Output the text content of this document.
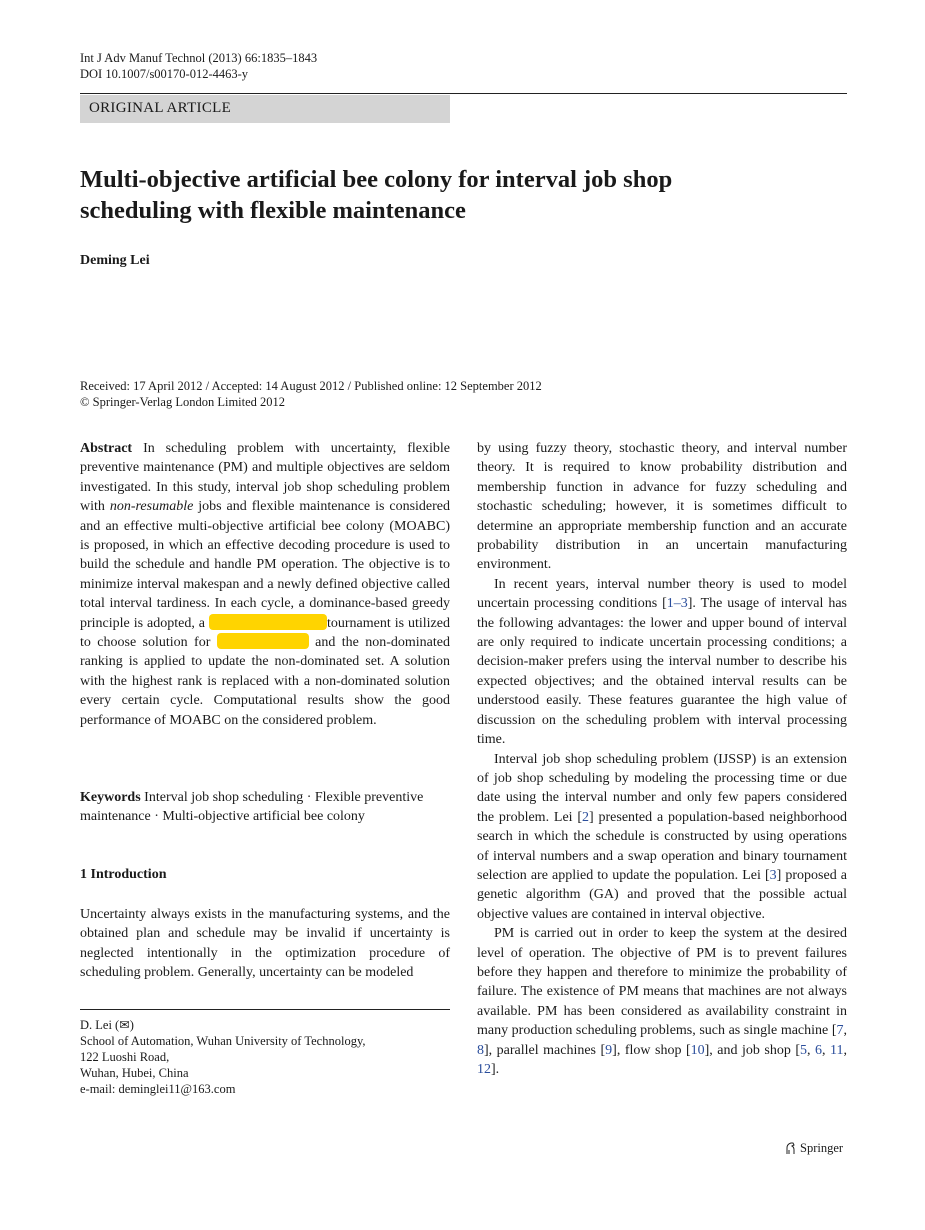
Int J Adv Manuf Technol (2013) 66:1835–1843
DOI 10.1007/s00170-012-4463-y
ORIGINAL ARTICLE
Multi-objective artificial bee colony for interval job shop scheduling with flexible maintenance
Deming Lei
Received: 17 April 2012 / Accepted: 14 August 2012 / Published online: 12 September 2012
© Springer-Verlag London Limited 2012

Abstract In scheduling problem with uncertainty, flexible preventive maintenance (PM) and multiple objectives are seldom investigated. In this study, interval job shop scheduling problem with non-resumable jobs and flexible maintenance is considered and an effective multi-objective artificial bee colony (MOABC) is proposed, in which an effective decoding procedure is used to build the schedule and handle PM operation. The objective is to minimize interval makespan and a newly defined objective called total interval tardiness. In each cycle, a dominance-based greedy principle is adopted, a	tournament is utilized to choose solution for	and the non-dominated ranking is applied to update the non-dominated set. A solution with the highest rank is replaced with a non-dominated solution every certain cycle. Computational results show the good performance of MOABC on the considered problem.

Keywords Interval job shop scheduling · Flexible preventive maintenance · Multi-objective artificial bee colony
1 Introduction

Uncertainty always exists in the manufacturing systems, and the obtained plan and schedule may be invalid if uncertainty is neglected intentionally in the optimization procedure of scheduling problem. Generally, uncertainty can be modeled

D. Lei (✉)
School of Automation, Wuhan University of Technology,
122 Luoshi Road,
Wuhan, Hubei, China
e-mail: deminglei11@163.com

by using fuzzy theory, stochastic theory, and interval number theory. It is required to know probability distribution and membership function in advance for fuzzy scheduling and stochastic scheduling; however, it is sometimes difficult to determine an appropriate membership function and an accurate probability distribution in an uncertain manufacturing environment.

In recent years, interval number theory is used to model uncertain processing conditions [1–3]. The usage of interval has the following advantages: the lower and upper bound of interval are only required to indicate uncertain processing conditions; a decision-maker prefers using the interval number to describe his expected objectives; and the obtained interval results can be understood easily. These features guarantee the high value of discussion on the scheduling problem with interval processing time.

Interval job shop scheduling problem (IJSSP) is an extension of job shop scheduling by modeling the processing time or due date using the interval number and only few papers considered the problem. Lei [2] presented a population-based neighborhood search in which the schedule is constructed by using operations of interval numbers and a swap operation and binary tournament selection are applied to update the population. Lei [3] proposed a genetic algorithm (GA) and proved that the possible actual objective values are contained in interval objective.

PM is carried out in order to keep the system at the desired level of operation. The objective of PM is to prevent failures before they happen and therefore to minimize the probability of failure. The existence of PM means that machines are not always available. PM has been considered as availability constraint in many production scheduling problems, such as single machine [7, 8], parallel machines [9], flow shop [10], and job shop [5, 6, 11, 12].

Springer
